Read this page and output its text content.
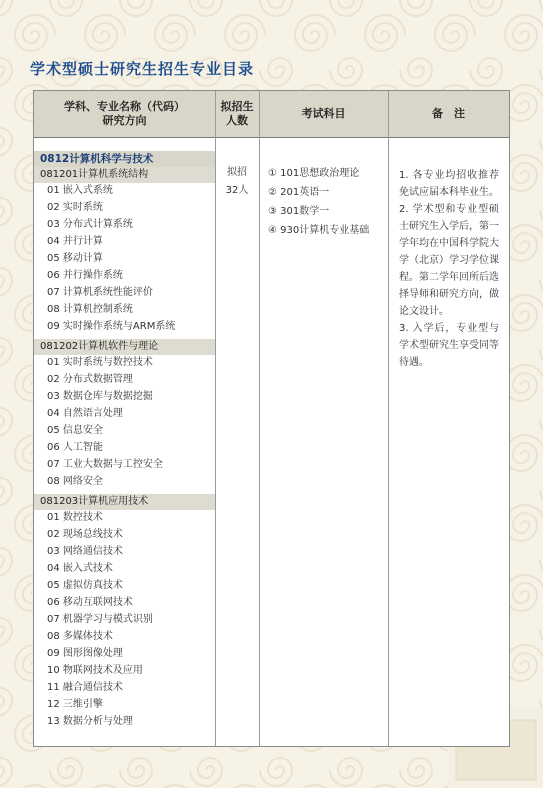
学术型硕士研究生招生专业目录
学科、专业名称（代码）
研究方向
拟招生
人数
考试科目	备　注
0812计算机科学与技术
081201计算机系统结构
01 嵌入式系统
02 实时系统
03 分布式计算系统
04 并行计算
05 移动计算
06 并行操作系统
07 计算机系统性能评价
08 计算机控制系统
09 实时操作系统与ARM系统
081202计算机软件与理论
01 实时系统与数控技术
02 分布式数据管理
03 数据仓库与数据挖掘
04 自然语言处理
05 信息安全
06 人工智能
07 工业大数据与工控安全
08 网络安全
081203计算机应用技术
01 数控技术
02 现场总线技术
03 网络通信技术
04 嵌入式技术
05 虚拟仿真技术
06 移动互联网技术
07 机器学习与模式识别
08 多媒体技术
09 图形图像处理
10 物联网技术及应用
11 融合通信技术
12 三维引擎
13 数据分析与处理
拟招
32人
① 101思想政治理论
② 201英语一
③ 301数学一
④ 930计算机专业基础

1. 各专业均招收推荐免试应届本科毕业生。

2. 学术型和专业型硕士研究生入学后，第一学年均在中国科学院大学（北京）学习学位课程。第二学年回所后选择导师和研究方向，做论文设计。

3. 入学后，专业型与学术型研究生享受同等待遇。
